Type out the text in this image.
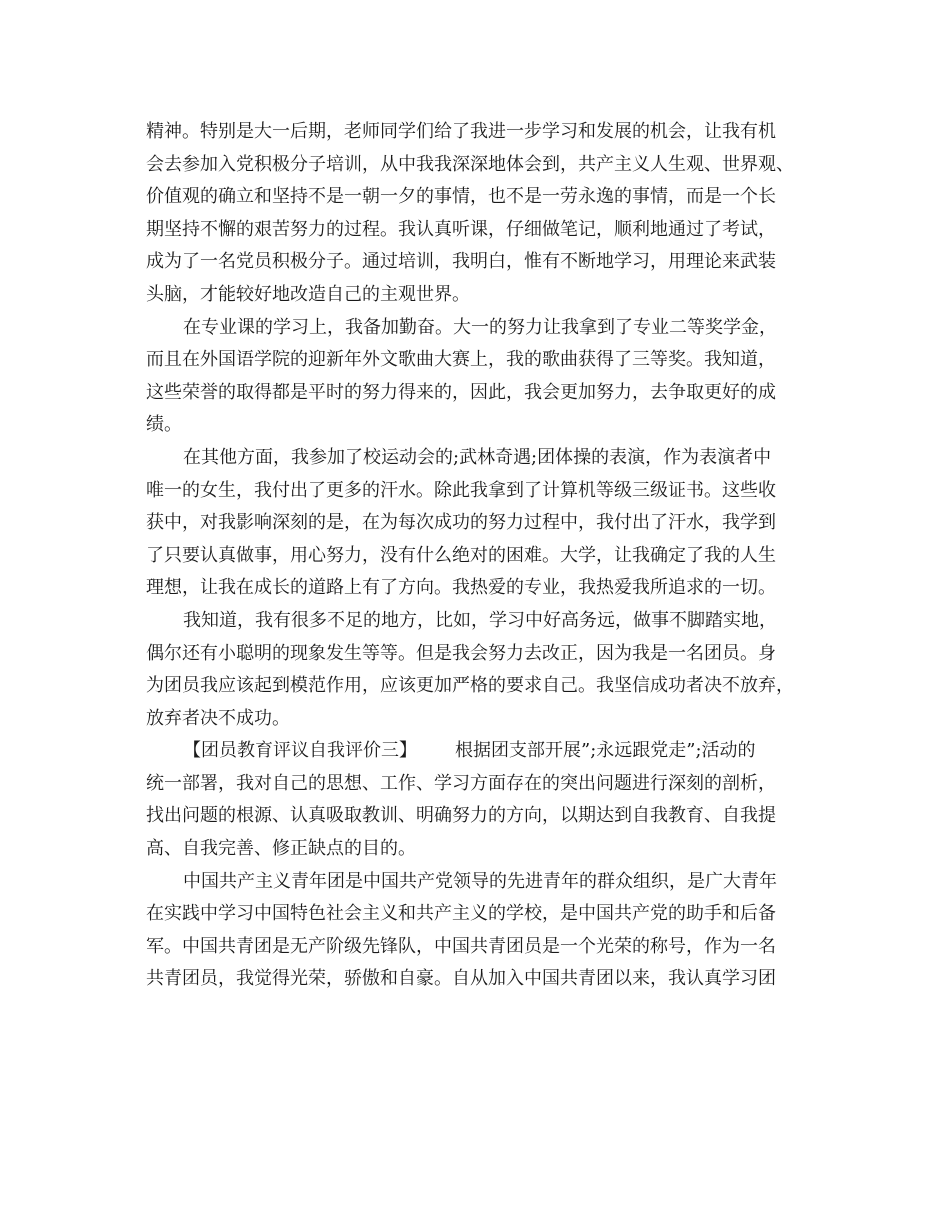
精神。特别是大一后期，老师同学们给了我进一步学习和发展的机会，让我有机
会去参加入党积极分子培训，从中我我深深地体会到，共产主义人生观、世界观、
价值观的确立和坚持不是一朝一夕的事情，也不是一劳永逸的事情，而是一个长
期坚持不懈的艰苦努力的过程。我认真听课，仔细做笔记，顺利地通过了考试，
成为了一名党员积极分子。通过培训，我明白，惟有不断地学习，用理论来武装
头脑，才能较好地改造自己的主观世界。
在专业课的学习上，我备加勤奋。大一的努力让我拿到了专业二等奖学金，
而且在外国语学院的迎新年外文歌曲大赛上，我的歌曲获得了三等奖。我知道，
这些荣誉的取得都是平时的努力得来的，因此，我会更加努力，去争取更好的成
绩。
在其他方面，我参加了校运动会的;武林奇遇;团体操的表演，作为表演者中
唯一的女生，我付出了更多的汗水。除此我拿到了计算机等级三级证书。这些收
获中，对我影响深刻的是，在为每次成功的努力过程中，我付出了汗水，我学到
了只要认真做事，用心努力，没有什么绝对的困难。大学，让我确定了我的人生
理想，让我在成长的道路上有了方向。我热爱的专业，我热爱我所追求的一切。
我知道，我有很多不足的地方，比如，学习中好高务远，做事不脚踏实地，
偶尔还有小聪明的现象发生等等。但是我会努力去改正，因为我是一名团员。身
为团员我应该起到模范作用，应该更加严格的要求自己。我坚信成功者决不放弃，
放弃者决不成功。
【团员教育评议自我评价三】 根据团支部开展”;永远跟党走”;活动的
统一部署，我对自己的思想、工作、学习方面存在的突出问题进行深刻的剖析，
找出问题的根源、认真吸取教训、明确努力的方向，以期达到自我教育、自我提
高、自我完善、修正缺点的目的。
中国共产主义青年团是中国共产党领导的先进青年的群众组织，是广大青年
在实践中学习中国特色社会主义和共产主义的学校，是中国共产党的助手和后备
军。中国共青团是无产阶级先锋队，中国共青团员是一个光荣的称号，作为一名
共青团员，我觉得光荣，骄傲和自豪。自从加入中国共青团以来，我认真学习团
